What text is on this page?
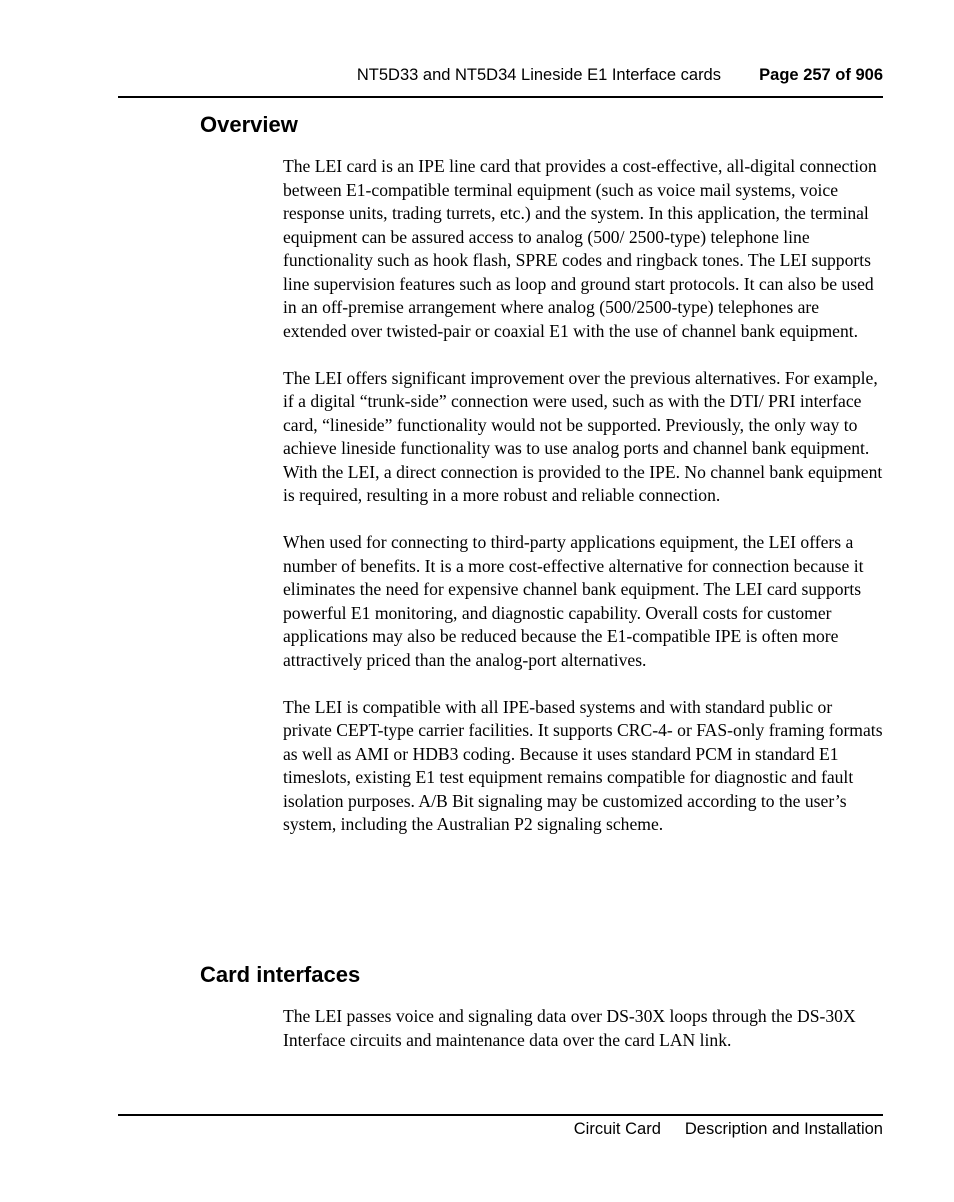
NT5D33 and NT5D34 Lineside E1 Interface cards Page 257 of 906
Overview

The LEI card is an IPE line card that provides a cost-effective, all-digital connection between E1-compatible terminal equipment (such as voice mail systems, voice response units, trading turrets, etc.) and the system. In this application, the terminal equipment can be assured access to analog (500/ 2500-type) telephone line functionality such as hook flash, SPRE codes and ringback tones. The LEI supports line supervision features such as loop and ground start protocols. It can also be used in an off-premise arrangement where analog (500/2500-type) telephones are extended over twisted-pair or coaxial E1 with the use of channel bank equipment.

The LEI offers significant improvement over the previous alternatives. For example, if a digital “trunk-side” connection were used, such as with the DTI/ PRI interface card, “lineside” functionality would not be supported. Previously, the only way to achieve lineside functionality was to use analog ports and channel bank equipment. With the LEI, a direct connection is provided to the IPE. No channel bank equipment is required, resulting in a more robust and reliable connection.

When used for connecting to third-party applications equipment, the LEI offers a number of benefits. It is a more cost-effective alternative for connection because it eliminates the need for expensive channel bank equipment. The LEI card supports powerful E1 monitoring, and diagnostic capability. Overall costs for customer applications may also be reduced because the E1-compatible IPE is often more attractively priced than the analog-port alternatives.

The LEI is compatible with all IPE-based systems and with standard public or private CEPT-type carrier facilities. It supports CRC-4- or FAS-only framing formats as well as AMI or HDB3 coding. Because it uses standard PCM in standard E1 timeslots, existing E1 test equipment remains compatible for diagnostic and fault isolation purposes. A/B Bit signaling may be customized according to the user’s system, including the Australian P2 signaling scheme.

Card interfaces

The LEI passes voice and signaling data over DS-30X loops through the DS-30X Interface circuits and maintenance data over the card LAN link.

Circuit Card Description and Installation
